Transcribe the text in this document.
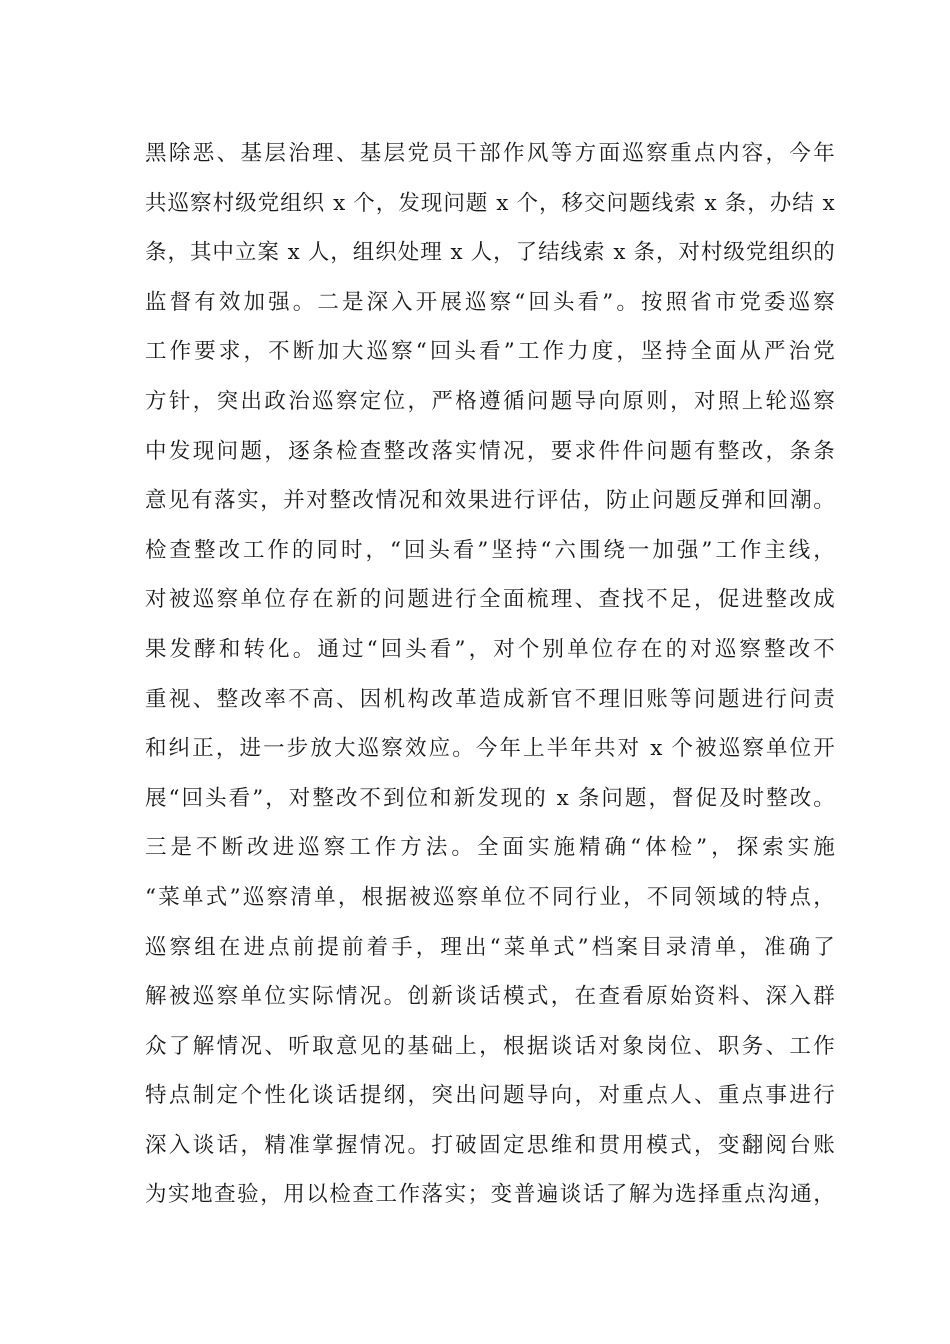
黑除恶、基层治理、基层党员干部作风等方面巡察重点内容，今年
共巡察村级党组织 x 个，发现问题 x 个，移交问题线索 x 条，办结 x
条，其中立案 x 人，组织处理 x 人，了结线索 x 条，对村级党组织的
监督有效加强。二是深入开展巡察“回头看”。按照省市党委巡察
工作要求，不断加大巡察“回头看”工作力度，坚持全面从严治党
方针，突出政治巡察定位，严格遵循问题导向原则，对照上轮巡察
中发现问题，逐条检查整改落实情况，要求件件问题有整改，条条
意见有落实，并对整改情况和效果进行评估，防止问题反弹和回潮。
检查整改工作的同时，“回头看”坚持“六围绕一加强”工作主线，
对被巡察单位存在新的问题进行全面梳理、查找不足，促进整改成
果发酵和转化。通过“回头看”，对个别单位存在的对巡察整改不
重视、整改率不高、因机构改革造成新官不理旧账等问题进行问责
和纠正，进一步放大巡察效应。今年上半年共对 x 个被巡察单位开
展“回头看”，对整改不到位和新发现的 x 条问题，督促及时整改。
三是不断改进巡察工作方法。全面实施精确“体检”，探索实施
“菜单式”巡察清单，根据被巡察单位不同行业，不同领域的特点，
巡察组在进点前提前着手，理出“菜单式”档案目录清单，准确了
解被巡察单位实际情况。创新谈话模式，在查看原始资料、深入群
众了解情况、听取意见的基础上，根据谈话对象岗位、职务、工作
特点制定个性化谈话提纲，突出问题导向，对重点人、重点事进行
深入谈话，精准掌握情况。打破固定思维和贯用模式，变翻阅台账
为实地查验，用以检查工作落实；变普遍谈话了解为选择重点沟通，
